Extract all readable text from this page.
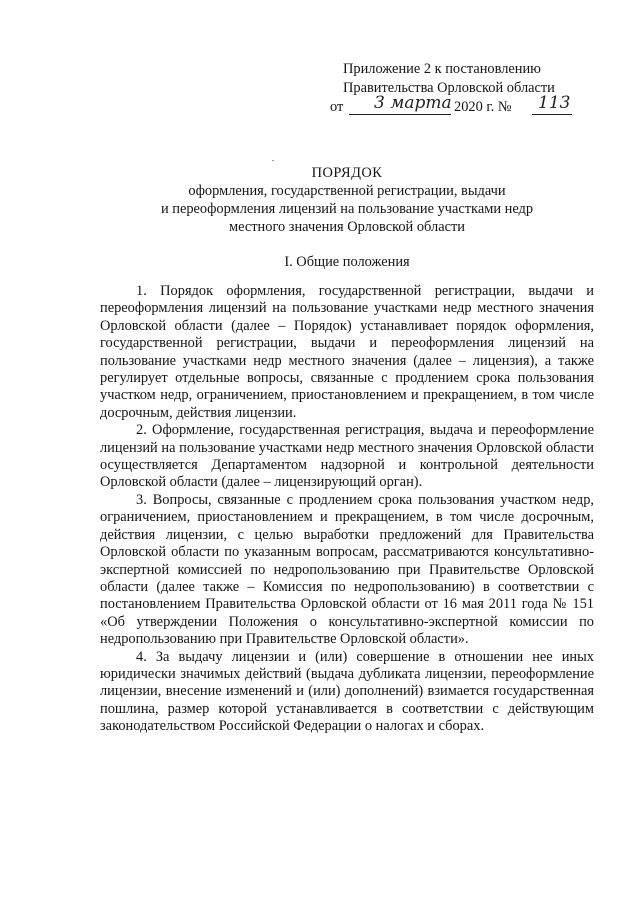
Приложение 2 к постановлению
Правительства Орловской области
от 3 марта 2020 г. № 113
ПОРЯДОК
оформления, государственной регистрации, выдачи
и переоформления лицензий на пользование участками недр
местного значения Орловской области
I. Общие положения

1. Порядок оформления, государственной регистрации, выдачи и переоформления лицензий на пользование участками недр местного значения Орловской области (далее – Порядок) устанавливает порядок оформления, государственной регистрации, выдачи и переоформления лицензий на пользование участками недр местного значения (далее – лицензия), а также регулирует отдельные вопросы, связанные с продлением срока пользования участком недр, ограничением, приостановлением и прекращением, в том числе досрочным, действия лицензии.

2. Оформление, государственная регистрация, выдача и переоформление лицензий на пользование участками недр местного значения Орловской области осуществляется Департаментом надзорной и контрольной деятельности Орловской области (далее – лицензирующий орган).

3. Вопросы, связанные с продлением срока пользования участком недр, ограничением, приостановлением и прекращением, в том числе досрочным, действия лицензии, с целью выработки предложений для Правительства Орловской области по указанным вопросам, рассматриваются консультативно-экспертной комиссией по недропользованию при Правительстве Орловской области (далее также – Комиссия по недропользованию) в соответствии с постановлением Правительства Орловской области от 16 мая 2011 года № 151 «Об утверждении Положения о консультативно-экспертной комиссии по недропользованию при Правительстве Орловской области».

4. За выдачу лицензии и (или) совершение в отношении нее иных юридически значимых действий (выдача дубликата лицензии, переоформление лицензии, внесение изменений и (или) дополнений) взимается государственная пошлина, размер которой устанавливается в соответствии с действующим законодательством Российской Федерации о налогах и сборах.
